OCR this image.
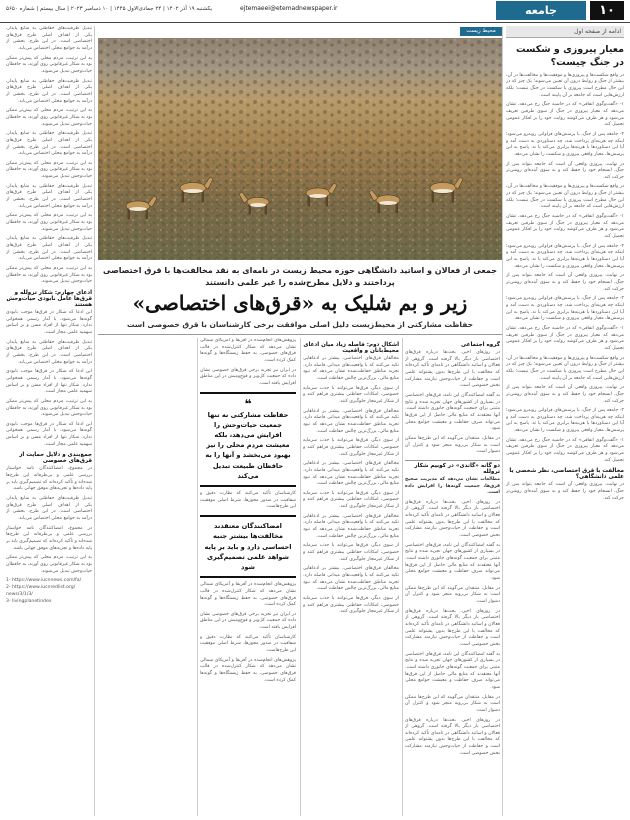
۱۰
جامعه
ejtemaeei@etemadnewspaper.ir
یکشنبه ۱۹ آذر ۱۴۰۲ | ۲۴ جمادی‌الاول ۱۴۴۵ | ۱۰ دسامبر ۲۰۲۳ | سال بیستم | شماره ۵۶۵۰
ادامه از صفحه اول
معیار پیروزی و شکست در جنگ چیست؟

در واقع شکست‌ها و پیروزی‌ها و موفقیت‌ها و مخالفت‌ها در آن، بیشتر از جنگ و روابط درون آن تعیین می‌شوند؛ یک چیز که در این حال مطرح است پیروزی یا شکست در جنگ نیست؛ بلکه ارزش‌هایی است که جامعه بر آن پایبند است.

۱- «گفت‌وگوی اتفاقی» که در حاشیه جنگ رخ می‌دهد، نشان می‌دهد که معیار پیروزی در جنگ از سوی طرفین تعریف می‌شود و هر طرف می‌کوشد روایت خود را بر افکار عمومی تحمیل کند.

۲- جامعه پس از جنگ، با پرسش‌های فراوانی روبه‌رو می‌شود؛ اینکه چه هزینه‌ای پرداخت شد، چه دستاوردی به دست آمد و آیا این دستاوردها با هزینه‌ها برابری می‌کند یا نه. پاسخ به این پرسش‌ها، معیار واقعی پیروزی و شکست را نشان می‌دهد.

در نهایت، پیروزی واقعی آن است که جامعه بتواند پس از جنگ، انسجام خود را حفظ کند و به سوی آینده‌ای روشن‌تر حرکت کند.

در واقع شکست‌ها و پیروزی‌ها و موفقیت‌ها و مخالفت‌ها در آن، بیشتر از جنگ و روابط درون آن تعیین می‌شوند؛ یک چیز که در این حال مطرح است پیروزی یا شکست در جنگ نیست؛ بلکه ارزش‌هایی است که جامعه بر آن پایبند است.

۱- «گفت‌وگوی اتفاقی» که در حاشیه جنگ رخ می‌دهد، نشان می‌دهد که معیار پیروزی در جنگ از سوی طرفین تعریف می‌شود و هر طرف می‌کوشد روایت خود را بر افکار عمومی تحمیل کند.

۲- جامعه پس از جنگ، با پرسش‌های فراوانی روبه‌رو می‌شود؛ اینکه چه هزینه‌ای پرداخت شد، چه دستاوردی به دست آمد و آیا این دستاوردها با هزینه‌ها برابری می‌کند یا نه. پاسخ به این پرسش‌ها، معیار واقعی پیروزی و شکست را نشان می‌دهد.

در نهایت، پیروزی واقعی آن است که جامعه بتواند پس از جنگ، انسجام خود را حفظ کند و به سوی آینده‌ای روشن‌تر حرکت کند.

۲- جامعه پس از جنگ، با پرسش‌های فراوانی روبه‌رو می‌شود؛ اینکه چه هزینه‌ای پرداخت شد، چه دستاوردی به دست آمد و آیا این دستاوردها با هزینه‌ها برابری می‌کند یا نه. پاسخ به این پرسش‌ها، معیار واقعی پیروزی و شکست را نشان می‌دهد.

۱- «گفت‌وگوی اتفاقی» که در حاشیه جنگ رخ می‌دهد، نشان می‌دهد که معیار پیروزی در جنگ از سوی طرفین تعریف می‌شود و هر طرف می‌کوشد روایت خود را بر افکار عمومی تحمیل کند.

در واقع شکست‌ها و پیروزی‌ها و موفقیت‌ها و مخالفت‌ها در آن، بیشتر از جنگ و روابط درون آن تعیین می‌شوند؛ یک چیز که در این حال مطرح است پیروزی یا شکست در جنگ نیست؛ بلکه ارزش‌هایی است که جامعه بر آن پایبند است.

در نهایت، پیروزی واقعی آن است که جامعه بتواند پس از جنگ، انسجام خود را حفظ کند و به سوی آینده‌ای روشن‌تر حرکت کند.

۲- جامعه پس از جنگ، با پرسش‌های فراوانی روبه‌رو می‌شود؛ اینکه چه هزینه‌ای پرداخت شد، چه دستاوردی به دست آمد و آیا این دستاوردها با هزینه‌ها برابری می‌کند یا نه. پاسخ به این پرسش‌ها، معیار واقعی پیروزی و شکست را نشان می‌دهد.

۱- «گفت‌وگوی اتفاقی» که در حاشیه جنگ رخ می‌دهد، نشان می‌دهد که معیار پیروزی در جنگ از سوی طرفین تعریف می‌شود و هر طرف می‌کوشد روایت خود را بر افکار عمومی تحمیل کند.

مخالفت با قرق اختصاصی، نظر شخصی یا علمی دانشگاهی؟

در نهایت، پیروزی واقعی آن است که جامعه بتواند پس از جنگ، انسجام خود را حفظ کند و به سوی آینده‌ای روشن‌تر حرکت کند.

محیط زیست
جمعی از فعالان و اساتید دانشگاهی حوزه محیط زیست در نامه‌ای به نقد مخالفت‌ها با قرق اختصاصی پرداختند و دلایل مطرح‌شده را غیر علمی دانستند
زیر و بم شلیک به «قرق‌های اختصاصی»
حفاظت مشارکتی از محیط‌زیست دلیل اصلی موافقت برخی کارشناسان با قرق خصوصی است
گروه اجتماعی

در روزهای اخیر، بحث‌ها درباره قرق‌های اختصاصی بار دیگر بالا گرفته است. گروهی از فعالان و اساتید دانشگاهی در نامه‌ای تأکید کرده‌اند که مخالفت با این طرح‌ها بدون پشتوانه علمی است و حفاظت از حیات‌وحش نیازمند مشارکت بخش خصوصی است.

به گفته امضاکنندگان این نامه، قرق‌های اختصاصی در بسیاری از کشورهای جهان تجربه شده و نتایج مثبتی برای جمعیت گونه‌های جانوری داشته است. آنها معتقدند که منابع مالی حاصل از این قرق‌ها می‌تواند صرف حفاظت و معیشت جوامع محلی شود.

در مقابل، منتقدان می‌گویند که این طرح‌ها ممکن است به شکار بی‌رویه منجر شود و کنترل آن دشوار است.

دو گانه «گاندی» در کوبیم شکار ترولله

مطالعات نشان می‌دهد که مدیریت صحیح قرق‌ها، جمعیت گونه‌ها را افزایش داده است.

در روزهای اخیر، بحث‌ها درباره قرق‌های اختصاصی بار دیگر بالا گرفته است. گروهی از فعالان و اساتید دانشگاهی در نامه‌ای تأکید کرده‌اند که مخالفت با این طرح‌ها بدون پشتوانه علمی است و حفاظت از حیات‌وحش نیازمند مشارکت بخش خصوصی است.

به گفته امضاکنندگان این نامه، قرق‌های اختصاصی در بسیاری از کشورهای جهان تجربه شده و نتایج مثبتی برای جمعیت گونه‌های جانوری داشته است. آنها معتقدند که منابع مالی حاصل از این قرق‌ها می‌تواند صرف حفاظت و معیشت جوامع محلی شود.

در مقابل، منتقدان می‌گویند که این طرح‌ها ممکن است به شکار بی‌رویه منجر شود و کنترل آن دشوار است.

در روزهای اخیر، بحث‌ها درباره قرق‌های اختصاصی بار دیگر بالا گرفته است. گروهی از فعالان و اساتید دانشگاهی در نامه‌ای تأکید کرده‌اند که مخالفت با این طرح‌ها بدون پشتوانه علمی است و حفاظت از حیات‌وحش نیازمند مشارکت بخش خصوصی است.

به گفته امضاکنندگان این نامه، قرق‌های اختصاصی در بسیاری از کشورهای جهان تجربه شده و نتایج مثبتی برای جمعیت گونه‌های جانوری داشته است. آنها معتقدند که منابع مالی حاصل از این قرق‌ها می‌تواند صرف حفاظت و معیشت جوامع محلی شود.

در مقابل، منتقدان می‌گویند که این طرح‌ها ممکن است به شکار بی‌رویه منجر شود و کنترل آن دشوار است.

در روزهای اخیر، بحث‌ها درباره قرق‌های اختصاصی بار دیگر بالا گرفته است. گروهی از فعالان و اساتید دانشگاهی در نامه‌ای تأکید کرده‌اند که مخالفت با این طرح‌ها بدون پشتوانه علمی است و حفاظت از حیات‌وحش نیازمند مشارکت بخش خصوصی است.

اشکال دوم: فاصله زیاد میان ادعای محیط‌بانان و واقعیت

مخالفان قرق‌های اختصاصی، بیشتر بر ادعاهایی تکیه می‌کنند که با واقعیت‌های میدانی فاصله دارد. تجربه مناطق حفاظت‌شده نشان می‌دهد که نبود منابع مالی، بزرگ‌ترین چالش حفاظت است.

از سوی دیگر، قرق‌ها می‌توانند با جذب سرمایه خصوصی، امکانات حفاظتی بیشتری فراهم کنند و از شکار غیرمجاز جلوگیری کنند.

مخالفان قرق‌های اختصاصی، بیشتر بر ادعاهایی تکیه می‌کنند که با واقعیت‌های میدانی فاصله دارد. تجربه مناطق حفاظت‌شده نشان می‌دهد که نبود منابع مالی، بزرگ‌ترین چالش حفاظت است.

از سوی دیگر، قرق‌ها می‌توانند با جذب سرمایه خصوصی، امکانات حفاظتی بیشتری فراهم کنند و از شکار غیرمجاز جلوگیری کنند.

مخالفان قرق‌های اختصاصی، بیشتر بر ادعاهایی تکیه می‌کنند که با واقعیت‌های میدانی فاصله دارد. تجربه مناطق حفاظت‌شده نشان می‌دهد که نبود منابع مالی، بزرگ‌ترین چالش حفاظت است.

از سوی دیگر، قرق‌ها می‌توانند با جذب سرمایه خصوصی، امکانات حفاظتی بیشتری فراهم کنند و از شکار غیرمجاز جلوگیری کنند.

مخالفان قرق‌های اختصاصی، بیشتر بر ادعاهایی تکیه می‌کنند که با واقعیت‌های میدانی فاصله دارد. تجربه مناطق حفاظت‌شده نشان می‌دهد که نبود منابع مالی، بزرگ‌ترین چالش حفاظت است.

از سوی دیگر، قرق‌ها می‌توانند با جذب سرمایه خصوصی، امکانات حفاظتی بیشتری فراهم کنند و از شکار غیرمجاز جلوگیری کنند.

مخالفان قرق‌های اختصاصی، بیشتر بر ادعاهایی تکیه می‌کنند که با واقعیت‌های میدانی فاصله دارد. تجربه مناطق حفاظت‌شده نشان می‌دهد که نبود منابع مالی، بزرگ‌ترین چالش حفاظت است.

از سوی دیگر، قرق‌ها می‌توانند با جذب سرمایه خصوصی، امکانات حفاظتی بیشتری فراهم کنند و از شکار غیرمجاز جلوگیری کنند.

پژوهش‌های انجام‌شده در آفریقا و آمریکای شمالی نشان می‌دهد که شکار کنترل‌شده در قالب قرق‌های خصوصی، به حفظ زیستگاه‌ها و گونه‌ها کمک کرده است.

در ایران نیز تجربه برخی قرق‌های خصوصی نشان داده که جمعیت کل‌وبز و قوچ‌ومیش در این مناطق افزایش یافته است.

❝
حفاظت مشارکتی نه تنها جمعیت حیات‌وحش را افزایش می‌دهد، بلکه معیشت مردم محلی را نیز بهبود می‌بخشد و آنها را به حافظان طبیعت تبدیل می‌کند

کارشناسان تأکید می‌کنند که نظارت دقیق و شفافیت در صدور مجوزها، شرط اصلی موفقیت این طرح‌هاست.

امضاکنندگان معتقدند مخالفت‌ها بیشتر جنبه احساسی دارد و باید بر پایه شواهد علمی تصمیم‌گیری شود

پژوهش‌های انجام‌شده در آفریقا و آمریکای شمالی نشان می‌دهد که شکار کنترل‌شده در قالب قرق‌های خصوصی، به حفظ زیستگاه‌ها و گونه‌ها کمک کرده است.

در ایران نیز تجربه برخی قرق‌های خصوصی نشان داده که جمعیت کل‌وبز و قوچ‌ومیش در این مناطق افزایش یافته است.

کارشناسان تأکید می‌کنند که نظارت دقیق و شفافیت در صدور مجوزها، شرط اصلی موفقیت این طرح‌هاست.

پژوهش‌های انجام‌شده در آفریقا و آمریکای شمالی نشان می‌دهد که شکار کنترل‌شده در قالب قرق‌های خصوصی، به حفظ زیستگاه‌ها و گونه‌ها کمک کرده است.

تبدیل ظرفیت‌های حفاظتی به منابع پایدار، یکی از اهداف اصلی طرح قرق‌های اختصاصی است. در این طرح، بخشی از درآمد به جوامع محلی اختصاص می‌یابد.

به این ترتیب، مردم محلی که پیش‌تر ممکن بود به شکار غیرقانونی روی آورند، به حافظان حیات‌وحش تبدیل می‌شوند.

تبدیل ظرفیت‌های حفاظتی به منابع پایدار، یکی از اهداف اصلی طرح قرق‌های اختصاصی است. در این طرح، بخشی از درآمد به جوامع محلی اختصاص می‌یابد.

به این ترتیب، مردم محلی که پیش‌تر ممکن بود به شکار غیرقانونی روی آورند، به حافظان حیات‌وحش تبدیل می‌شوند.

تبدیل ظرفیت‌های حفاظتی به منابع پایدار، یکی از اهداف اصلی طرح قرق‌های اختصاصی است. در این طرح، بخشی از درآمد به جوامع محلی اختصاص می‌یابد.

به این ترتیب، مردم محلی که پیش‌تر ممکن بود به شکار غیرقانونی روی آورند، به حافظان حیات‌وحش تبدیل می‌شوند.

تبدیل ظرفیت‌های حفاظتی به منابع پایدار، یکی از اهداف اصلی طرح قرق‌های اختصاصی است. در این طرح، بخشی از درآمد به جوامع محلی اختصاص می‌یابد.

به این ترتیب، مردم محلی که پیش‌تر ممکن بود به شکار غیرقانونی روی آورند، به حافظان حیات‌وحش تبدیل می‌شوند.

تبدیل ظرفیت‌های حفاظتی به منابع پایدار، یکی از اهداف اصلی طرح قرق‌های اختصاصی است. در این طرح، بخشی از درآمد به جوامع محلی اختصاص می‌یابد.

به این ترتیب، مردم محلی که پیش‌تر ممکن بود به شکار غیرقانونی روی آورند، به حافظان حیات‌وحش تبدیل می‌شوند.

ادعای چهارم: شکار ترولله و قرق‌ها عامل نابودی حیات‌وحش هستند

این ادعا که شکار در قرق‌ها موجب نابودی گونه‌ها می‌شود، با آمار رسمی همخوانی ندارد. شکار تنها از افراد مسن و بر اساس سهمیه علمی مجاز است.

تبدیل ظرفیت‌های حفاظتی به منابع پایدار، یکی از اهداف اصلی طرح قرق‌های اختصاصی است. در این طرح، بخشی از درآمد به جوامع محلی اختصاص می‌یابد.

این ادعا که شکار در قرق‌ها موجب نابودی گونه‌ها می‌شود، با آمار رسمی همخوانی ندارد. شکار تنها از افراد مسن و بر اساس سهمیه علمی مجاز است.

به این ترتیب، مردم محلی که پیش‌تر ممکن بود به شکار غیرقانونی روی آورند، به حافظان حیات‌وحش تبدیل می‌شوند.

این ادعا که شکار در قرق‌ها موجب نابودی گونه‌ها می‌شود، با آمار رسمی همخوانی ندارد. شکار تنها از افراد مسن و بر اساس سهمیه علمی مجاز است.

جمع‌بندی و دلایل حمایت از قرق‌های خصوصی

در مجموع، امضاکنندگان نامه خواستار بررسی علمی و بی‌طرفانه این طرح‌ها شده‌اند و تأکید کرده‌اند که تصمیم‌گیری باید بر پایه داده‌ها و تجربه‌های موفق جهانی باشد.

تبدیل ظرفیت‌های حفاظتی به منابع پایدار، یکی از اهداف اصلی طرح قرق‌های اختصاصی است. در این طرح، بخشی از درآمد به جوامع محلی اختصاص می‌یابد.

در مجموع، امضاکنندگان نامه خواستار بررسی علمی و بی‌طرفانه این طرح‌ها شده‌اند و تأکید کرده‌اند که تصمیم‌گیری باید بر پایه داده‌ها و تجربه‌های موفق جهانی باشد.

به این ترتیب، مردم محلی که پیش‌تر ممکن بود به شکار غیرقانونی روی آورند، به حافظان حیات‌وحش تبدیل می‌شوند.

1- https://www.iucnnews.com/fa/
2- https://www.iucnredlist.org/
news/3/1/3/
3- livingplanetindex
